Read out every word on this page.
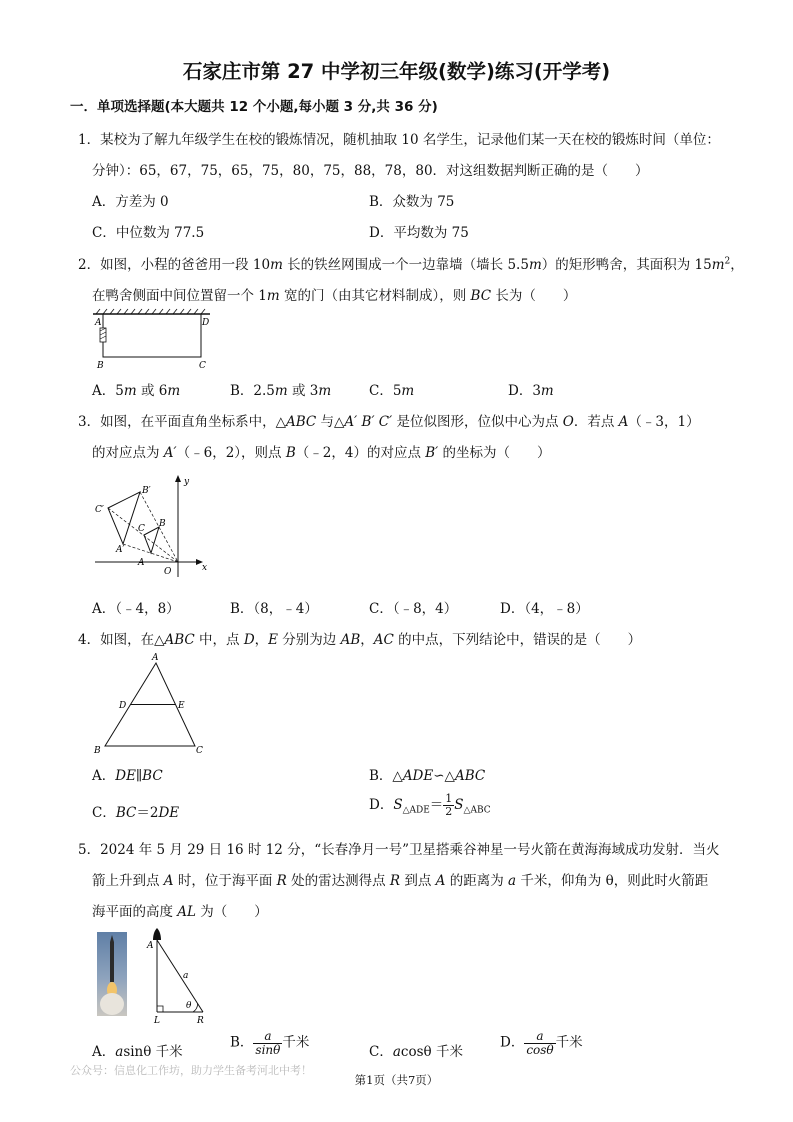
石家庄市第 27 中学初三年级(数学)练习(开学考)
一．单项选择题(本大题共 12 个小题,每小题 3 分,共 36 分)
1．某校为了解九年级学生在校的锻炼情况，随机抽取 10 名学生，记录他们某一天在校的锻炼时间（单位：
分钟）：65，67，75，65，75，80，75，88，78，80．对这组数据判断正确的是（　　）
A．方差为 0	B．众数为 75
C．中位数为 77.5	D．平均数为 75
2．如图，小程的爸爸用一段 10m 长的铁丝网围成一个一边靠墙（墙长 5.5m）的矩形鸭舍，其面积为 $15m^2$，
在鸭舍侧面中间位置留一个 1m 宽的门（由其它材料制成），则 BC 长为（　　）
A	D
B	C
A．5m 或 6m	B．2.5m 或 3m	C．5m	D．3m
3．如图，在平面直角坐标系中，△ABC 与△A′ B′ C′ 是位似图形，位似中心为点 O．若点 A（﹣3，1）
的对应点为 A′（﹣6，2），则点 B（﹣2，4）的对应点 B′ 的坐标为（　　）
y
x
O
A
B
C
A′
B′
C′
A．（﹣4，8）	B．（8，﹣4）	C．（﹣8，4）	D．（4，﹣8）
4．如图，在△ABC 中，点 D，E 分别为边 AB，AC 的中点，下列结论中，错误的是（　　）
A
D	E
B	C
A．DE∥BC	B．△ADE∽△ABC
C．BC＝2DE	D．$S_{\triangle ADE}= \frac{1}{2} S_{\triangle ABC}$
5．2024 年 5 月 29 日 16 时 12 分，“长春净月一号”卫星搭乘谷神星一号火箭在黄海海域成功发射．当火
箭上升到点 A 时，位于海平面 R 处的雷达测得点 R 到点 A 的距离为 a 千米，仰角为 θ，则此时火箭距
海平面的高度 AL 为（　　）
A
a
θ
L	R
A．asinθ 千米
B． $\frac{a}{\sin\theta}$ 千米
C．acosθ 千米
D． $\frac{a}{\cos\theta}$ 千米
公众号：信息化工作坊，助力学生备考河北中考！
第1页（共7页）
